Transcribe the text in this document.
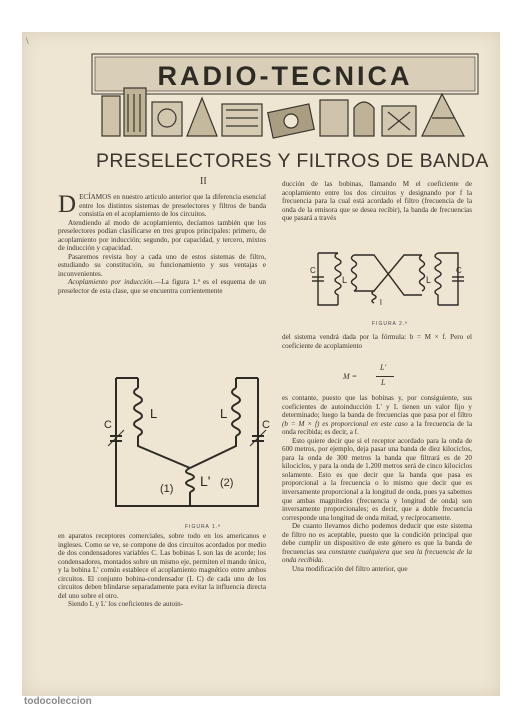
\
RADIO-TECNICA
PRESELECTORES Y FILTROS DE BANDA
II

DECÍAMOS en nuestro artículo anterior que la diferencia esencial entre los distintos sistemas de preselectores y filtros de banda consistía en el acoplamiento de los circuitos.

Atendiendo al modo de acoplamiento, decíamos también que los preselectores podían clasificarse en tres grupos principales: primero, de acoplamiento por inducción; segundo, por capacidad, y tercero, mixtos de inducción y capacidad.

Pasaremos revista hoy a cada uno de estos sistemas de filtro, estudiando su constitución, su funcionamiento y sus ventajas e inconvenientes.

Acoplamiento por inducción.—La figura 1.ª es el esquema de un preselector de esta clase, que se encuentra corrientemente

C	C
L	L
L'
(1)	(2)
FIGURA 1.ª

en aparatos receptores comerciales, sobre todo en los americanos e ingleses. Como se ve, se compone de dos circuitos acordados por medio de dos condensadores variables C. Las bobinas L son las de acorde; los condensadores, montados sobre un mismo eje, permiten el mando único, y la bobina L' común establece el acoplamiento magnético entre ambos circuitos. El conjunto bobina-condensador (L C) de cada uno de los circuitos deben blindarse separadamente para evitar la influencia directa del uno sobre el otro.

Siendo L y L' los coeficientes de autoin-

ducción de las bobinas, llamando M el coeficiente de acoplamiento entre los dos circuitos y designando por f la frecuencia para la cual está acordado el filtro (frecuencia de la onda de la emisora que se desea recibir), la banda de frecuencias que pasará a través

C	C
L	L
l
FIGURA 2.ª

del sistema vendrá dada por la fórmula: b = M × f. Pero el coeficiente de acoplamiento

M =
L'
L

es contante, puesto que las bobinas y, por consiguiente, sus coeficientes de autoinducción L' y L tienen un valor fijo y determinado; luego la banda de frecuencias que pasa por el filtro (b = M × f) es proporcional en este caso a la frecuencia de la onda recibida; es decir, a f.

Esto quiere decir que si el receptor acordado para la onda de 600 metros, por ejemplo, deja pasar una banda de diez kilociclos, para la onda de 300 metros la banda que filtrará es de 20 kilociclos, y para la onda de 1.200 metros será de cinco kilociclos solamente. Esto es que decir que la banda que pasa es proporcional a la frecuencia o lo mismo que decir que es inversamente proporcional a la longitud de onda, pues ya sabemos que ambas magnitudes (frecuencia y longitud de onda) son inversamente proporcionales; es decir, que a doble frecuencia corresponde una longitud de onda mitad, y recíprocamente.

De cuanto llevamos dicho podemos deducir que este sistema de filtro no es aceptable, puesto que la condición principal que debe cumplir un dispositivo de este género es que la banda de frecuencias sea constante cualquiera que sea la frecuencia de la onda recibida.

Una modificación del filtro anterior, que

todocoleccion
